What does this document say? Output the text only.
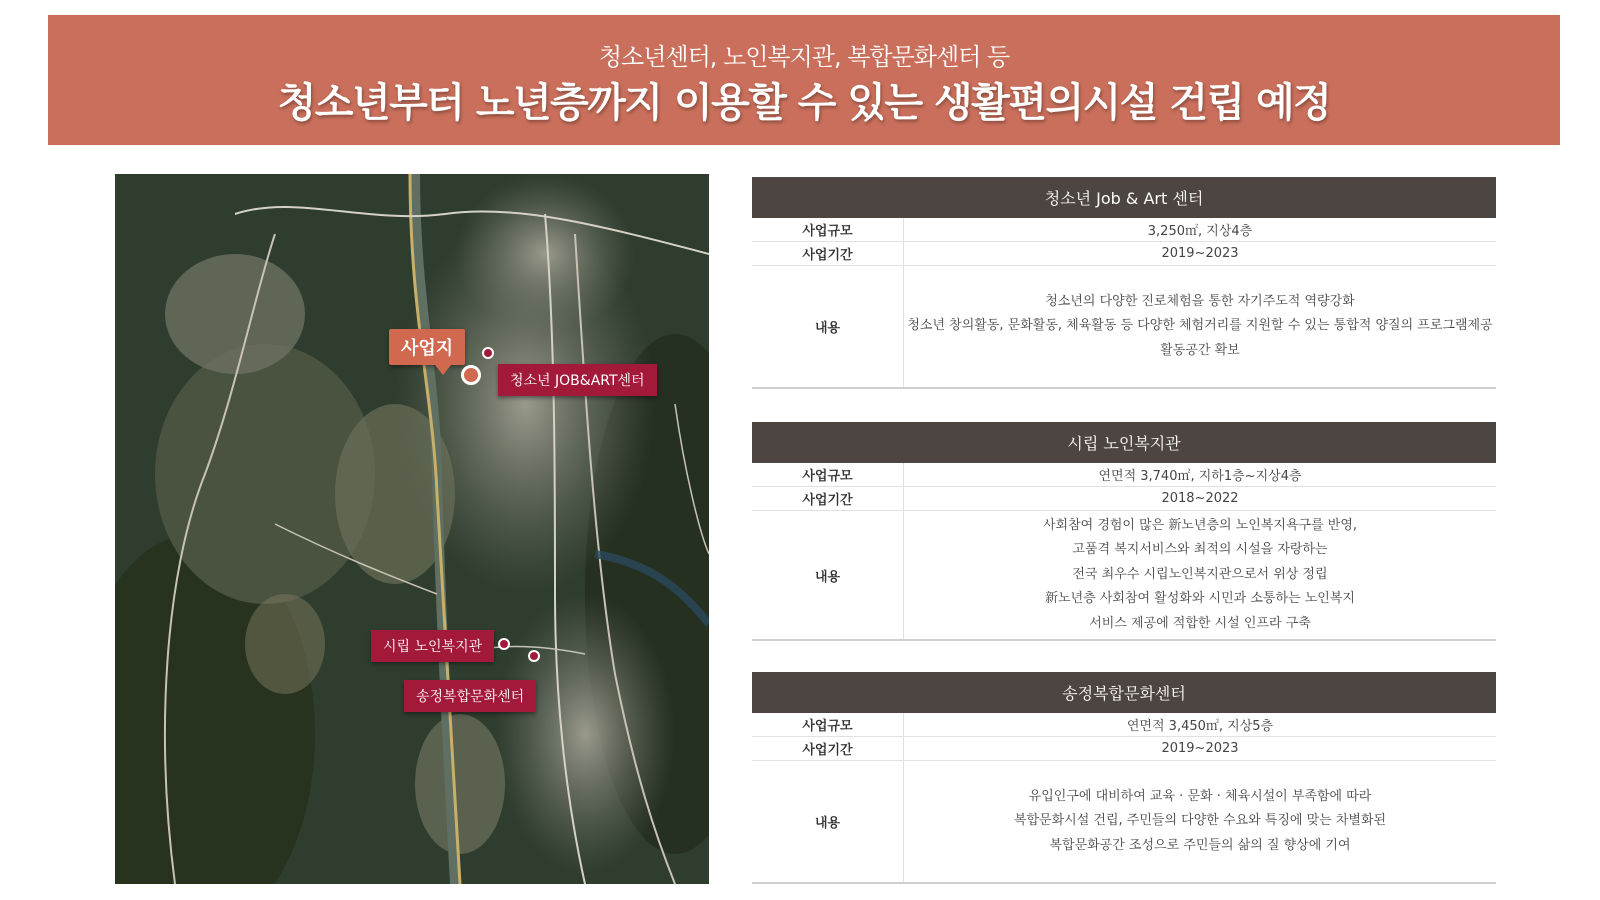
청소년센터, 노인복지관, 복합문화센터 등
청소년부터 노년층까지 이용할 수 있는 생활편의시설 건립 예정
사업지
청소년 JOB&ART센터
시립 노인복지관
송정복합문화센터
청소년 Job & Art 센터
사업규모	3,250㎡, 지상4층
사업기간	2019~2023
내용
청소년의 다양한 진로체험을 통한 자기주도적 역량강화
청소년 창의활동, 문화활동, 체육활동 등 다양한 체험거리를 지원할 수 있는 통합적 양질의 프로그램제공
활동공간 확보
시립 노인복지관
사업규모	연면적 3,740㎡, 지하1층~지상4층
사업기간	2018~2022
내용
사회참여 경험이 많은 新노년층의 노인복지욕구를 반영,
고품격 복지서비스와 최적의 시설을 자랑하는
전국 최우수 시립노인복지관으로서 위상 정립
新노년층 사회참여 활성화와 시민과 소통하는 노인복지
서비스 제공에 적합한 시설 인프라 구축
송정복합문화센터
사업규모	연면적 3,450㎡, 지상5층
사업기간	2019~2023
내용
유입인구에 대비하여 교육 · 문화 · 체육시설이 부족함에 따라
복합문화시설 건립, 주민들의 다양한 수요와 특징에 맞는 차별화된
복합문화공간 조성으로 주민들의 삶의 질 향상에 기여
